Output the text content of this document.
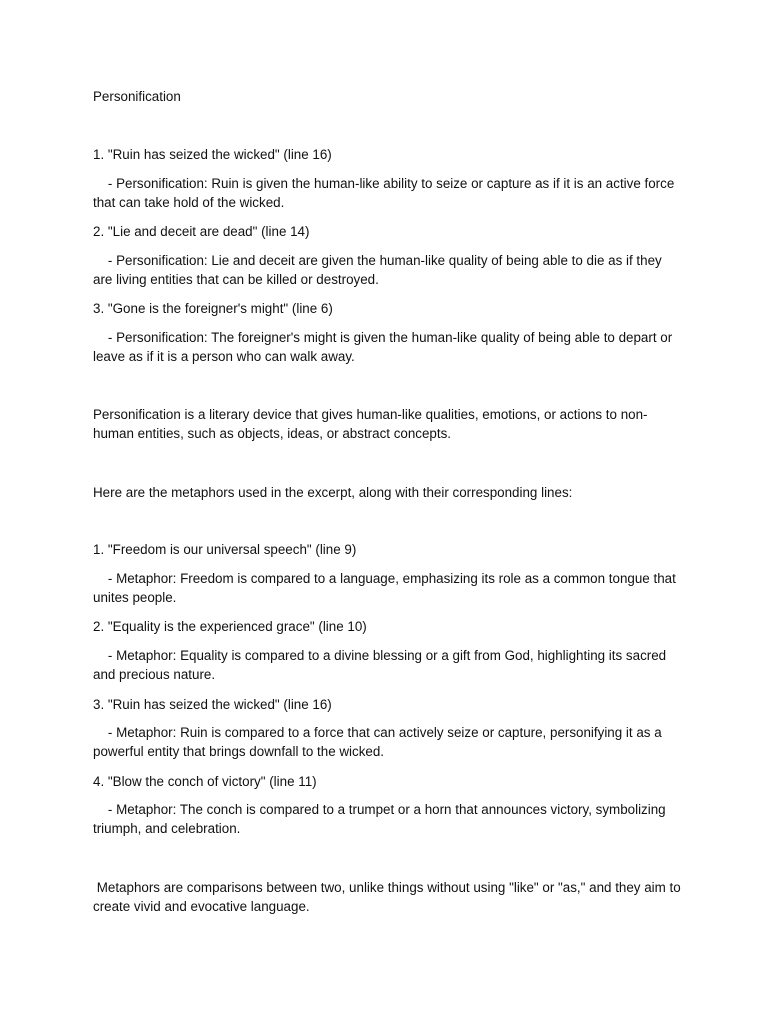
Personification

1. "Ruin has seized the wicked" (line 16)

- Personification: Ruin is given the human-like ability to seize or capture as if it is an active force that can take hold of the wicked.

2. "Lie and deceit are dead" (line 14)

- Personification: Lie and deceit are given the human-like quality of being able to die as if they are living entities that can be killed or destroyed.

3. "Gone is the foreigner's might" (line 6)

- Personification: The foreigner's might is given the human-like quality of being able to depart or leave as if it is a person who can walk away.

Personification is a literary device that gives human-like qualities, emotions, or actions to non-human entities, such as objects, ideas, or abstract concepts.

Here are the metaphors used in the excerpt, along with their corresponding lines:

1. "Freedom is our universal speech" (line 9)

- Metaphor: Freedom is compared to a language, emphasizing its role as a common tongue that unites people.

2. "Equality is the experienced grace" (line 10)

- Metaphor: Equality is compared to a divine blessing or a gift from God, highlighting its sacred and precious nature.

3. "Ruin has seized the wicked" (line 16)

- Metaphor: Ruin is compared to a force that can actively seize or capture, personifying it as a powerful entity that brings downfall to the wicked.

4. "Blow the conch of victory" (line 11)

- Metaphor: The conch is compared to a trumpet or a horn that announces victory, symbolizing triumph, and celebration.

Metaphors are comparisons between two, unlike things without using "like" or "as," and they aim to create vivid and evocative language.
